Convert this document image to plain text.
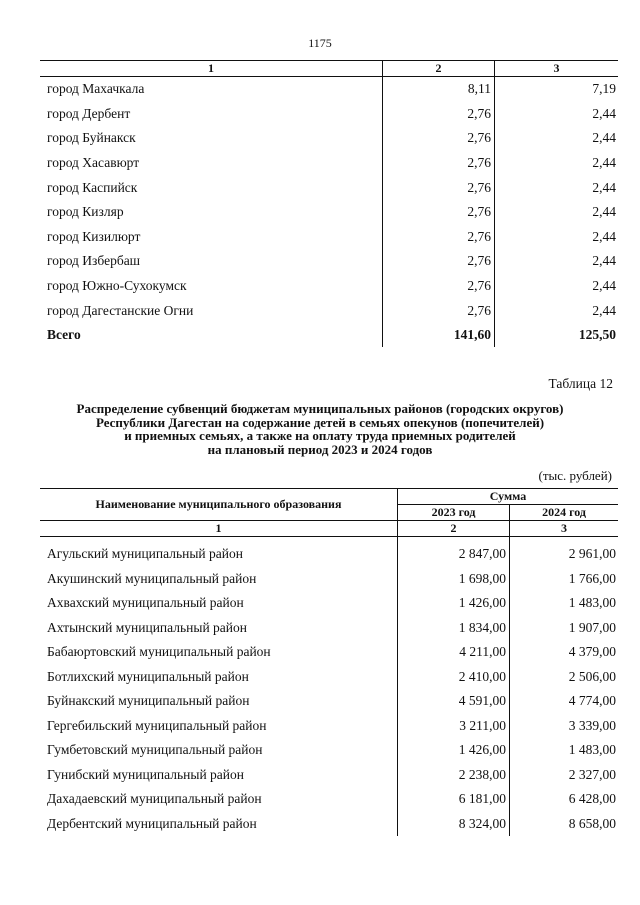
1175
1	2	3
город Махачкала	8,11	7,19
город Дербент	2,76	2,44
город Буйнакск	2,76	2,44
город Хасавюрт	2,76	2,44
город Каспийск	2,76	2,44
город Кизляр	2,76	2,44
город Кизилюрт	2,76	2,44
город Избербаш	2,76	2,44
город Южно-Сухокумск	2,76	2,44
город Дагестанские Огни	2,76	2,44
Всего	141,60	125,50
Таблица 12
Распределение субвенций бюджетам муниципальных районов (городских округов)
Республики Дагестан на содержание детей в семьях опекунов (попечителей)
и приемных семьях, а также на оплату труда приемных родителей
на плановый период 2023 и 2024 годов
(тыс. рублей)
Наименование муниципального образования	Сумма	
	2023 год	2024 год
1	2	3

Агульский муниципальный район	2 847,00	2 961,00
Акушинский муниципальный район	1 698,00	1 766,00
Ахвахский муниципальный район	1 426,00	1 483,00
Ахтынский муниципальный район	1 834,00	1 907,00
Бабаюртовский муниципальный район	4 211,00	4 379,00
Ботлихский муниципальный район	2 410,00	2 506,00
Буйнакский муниципальный район	4 591,00	4 774,00
Гергебильский муниципальный район	3 211,00	3 339,00
Гумбетовский муниципальный район	1 426,00	1 483,00
Гунибский муниципальный район	2 238,00	2 327,00
Дахадаевский муниципальный район	6 181,00	6 428,00
Дербентский муниципальный район	8 324,00	8 658,00
